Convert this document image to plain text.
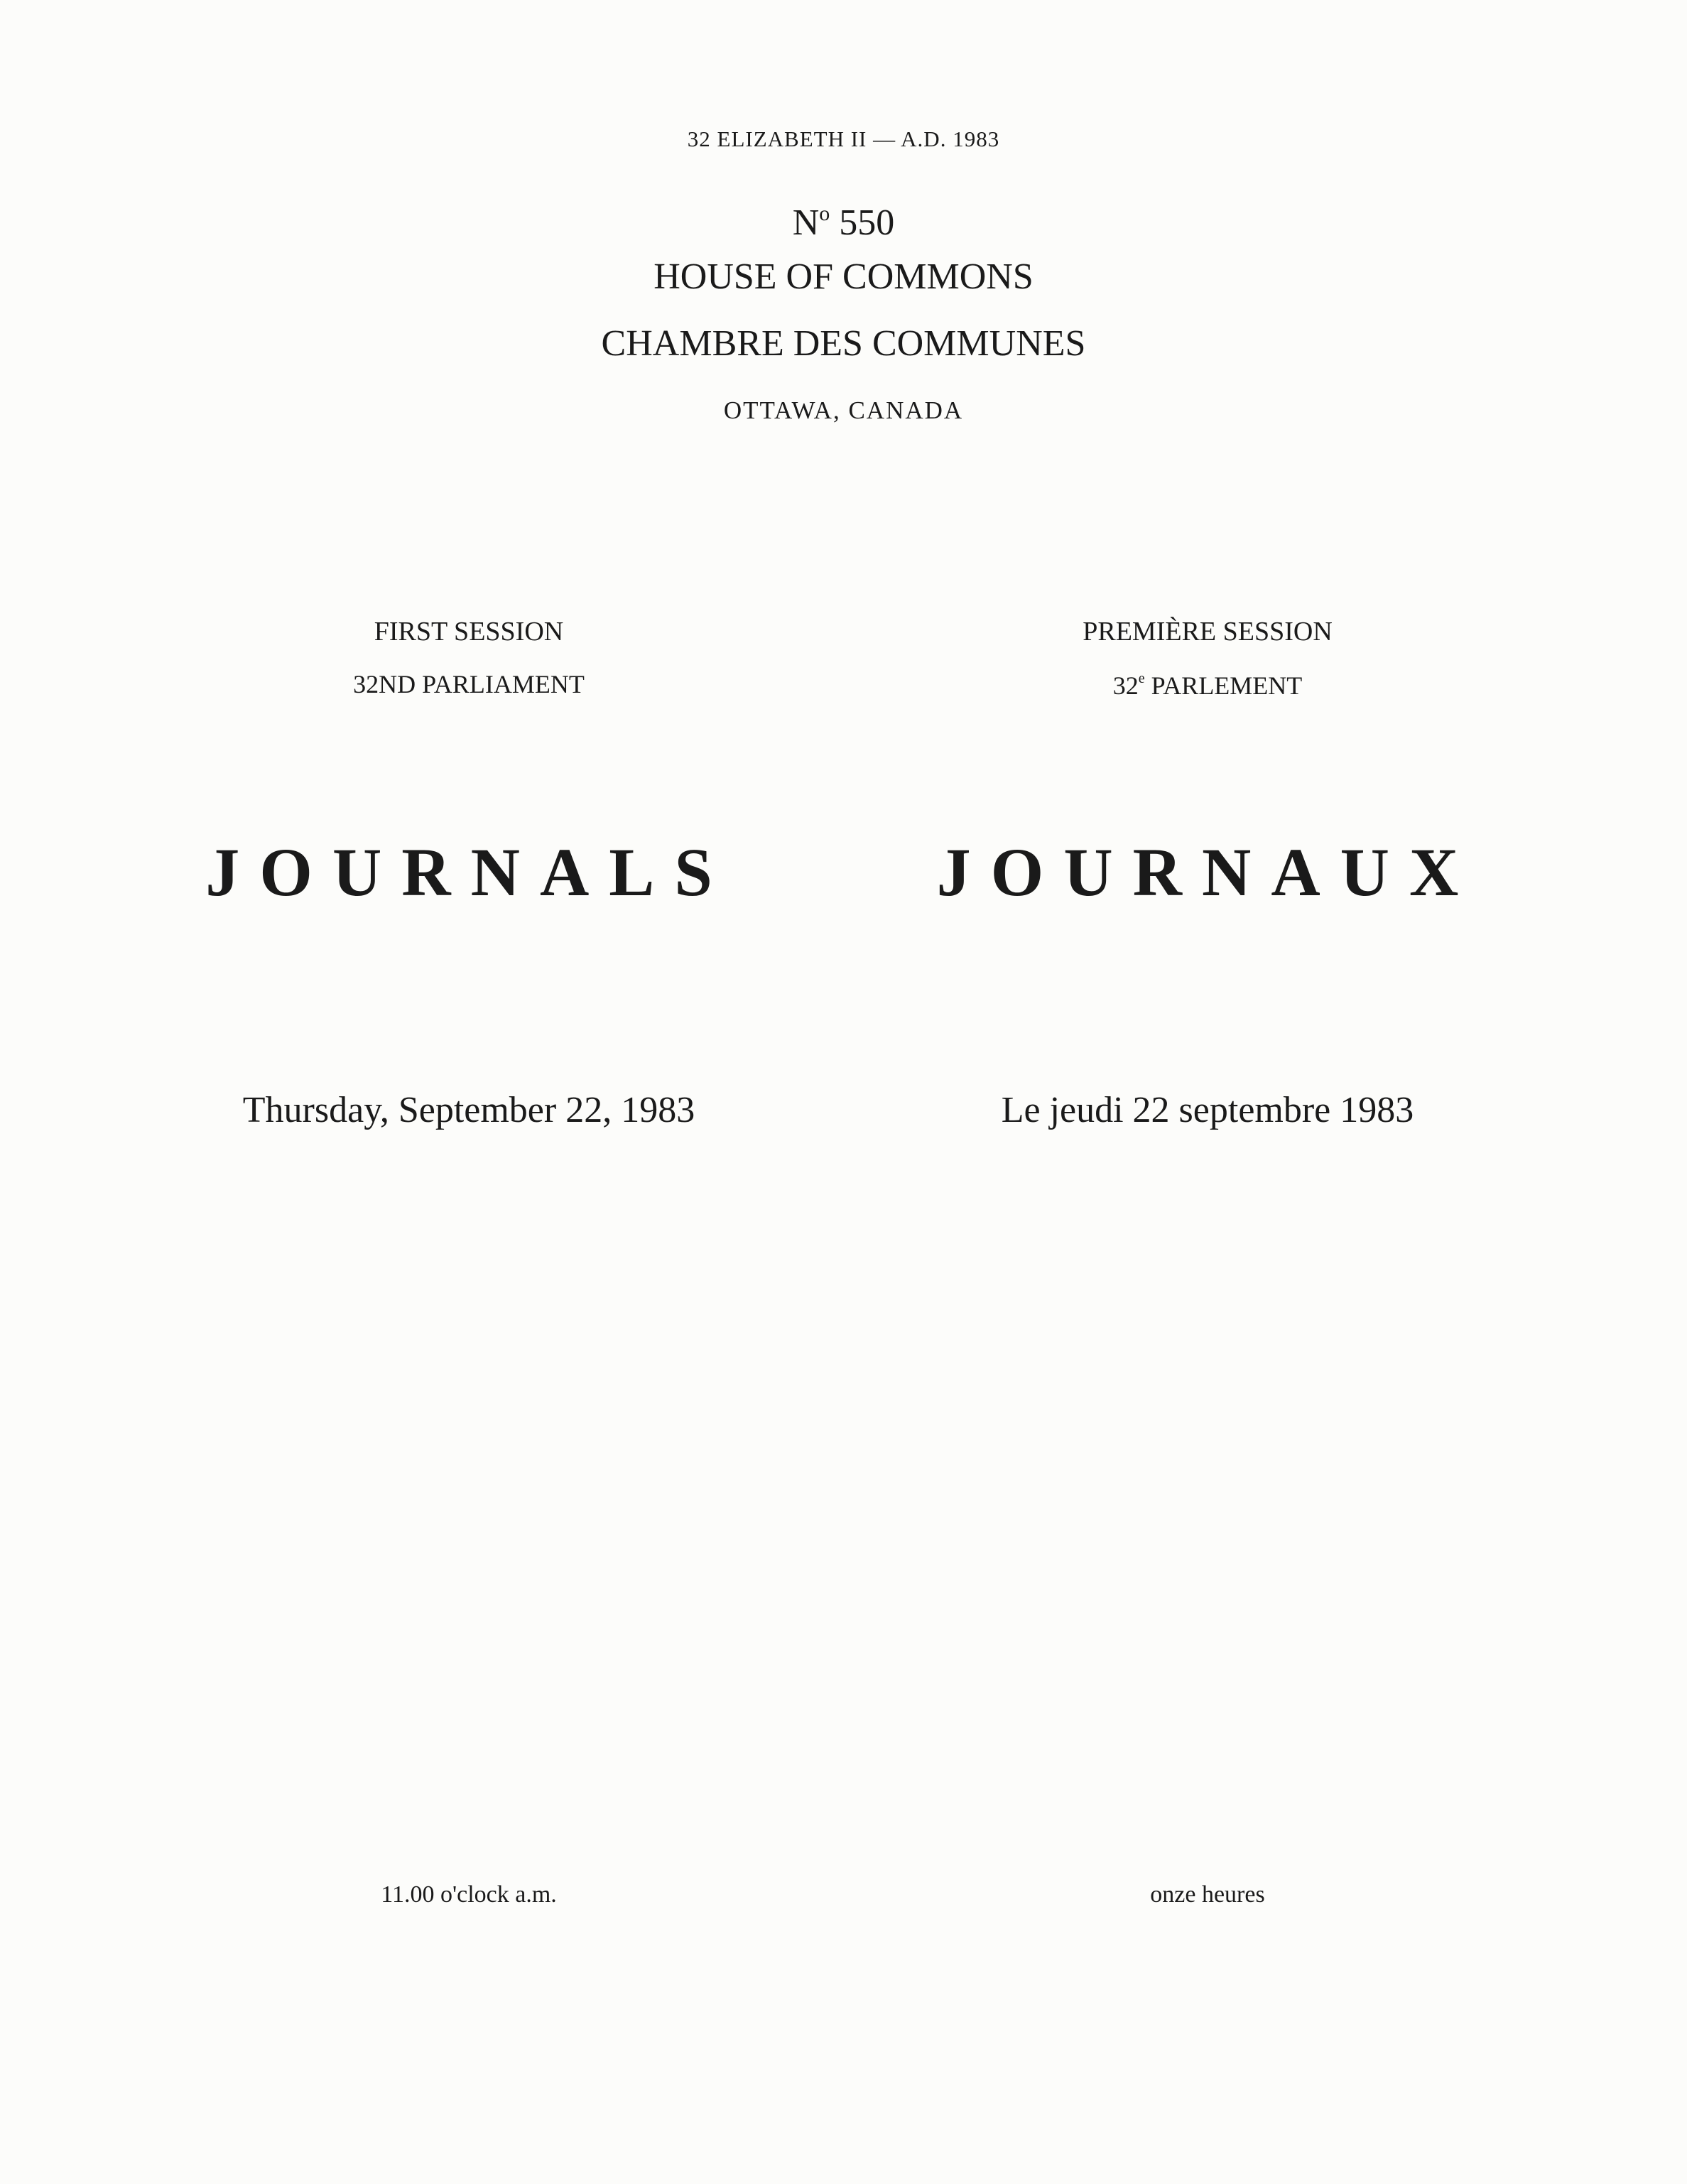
32 ELIZABETH II — A.D. 1983
$N^o$ 550
HOUSE OF COMMONS
CHAMBRE DES COMMUNES
OTTAWA, CANADA
FIRST SESSION
32ND PARLIAMENT
PREMIÈRE SESSION
32e PARLEMENT
JOURNALS	JOURNAUX
Thursday, September 22, 1983	Le jeudi 22 septembre 1983
11.00 o'clock a.m.	onze heures
